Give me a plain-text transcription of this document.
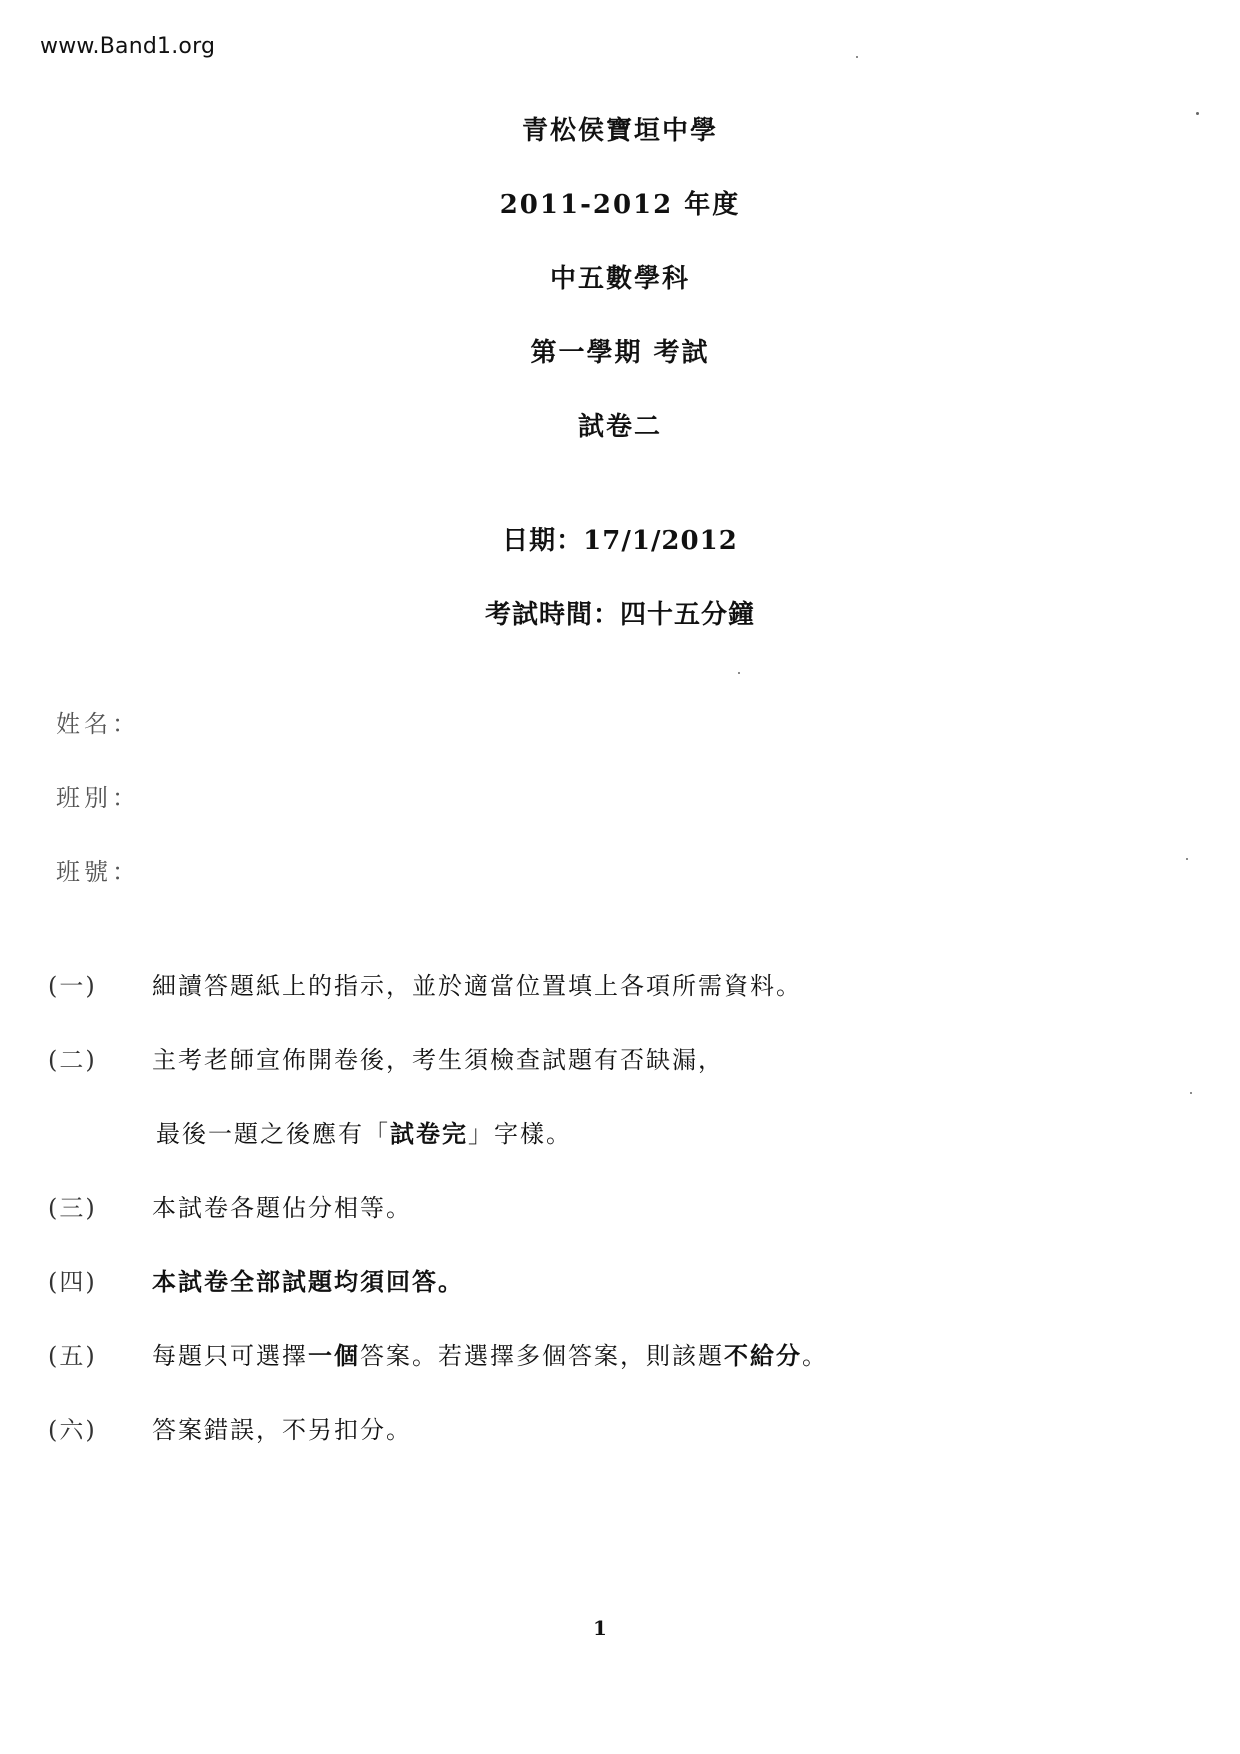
www.Band1.org
青松侯寶垣中學
2011-2012 年度
中五數學科
第一學期 考試
試卷二
日期：17/1/2012
考試時間：四十五分鐘
姓名：
班別：
班號：
(一) 細讀答題紙上的指示，並於適當位置填上各項所需資料。
(二) 主考老師宣佈開卷後，考生須檢查試題有否缺漏，
最後一題之後應有「試卷完」字樣。
(三) 本試卷各題佔分相等。
(四) 本試卷全部試題均須回答。
(五) 每題只可選擇一個答案。若選擇多個答案，則該題不給分。
(六) 答案錯誤，不另扣分。
1
